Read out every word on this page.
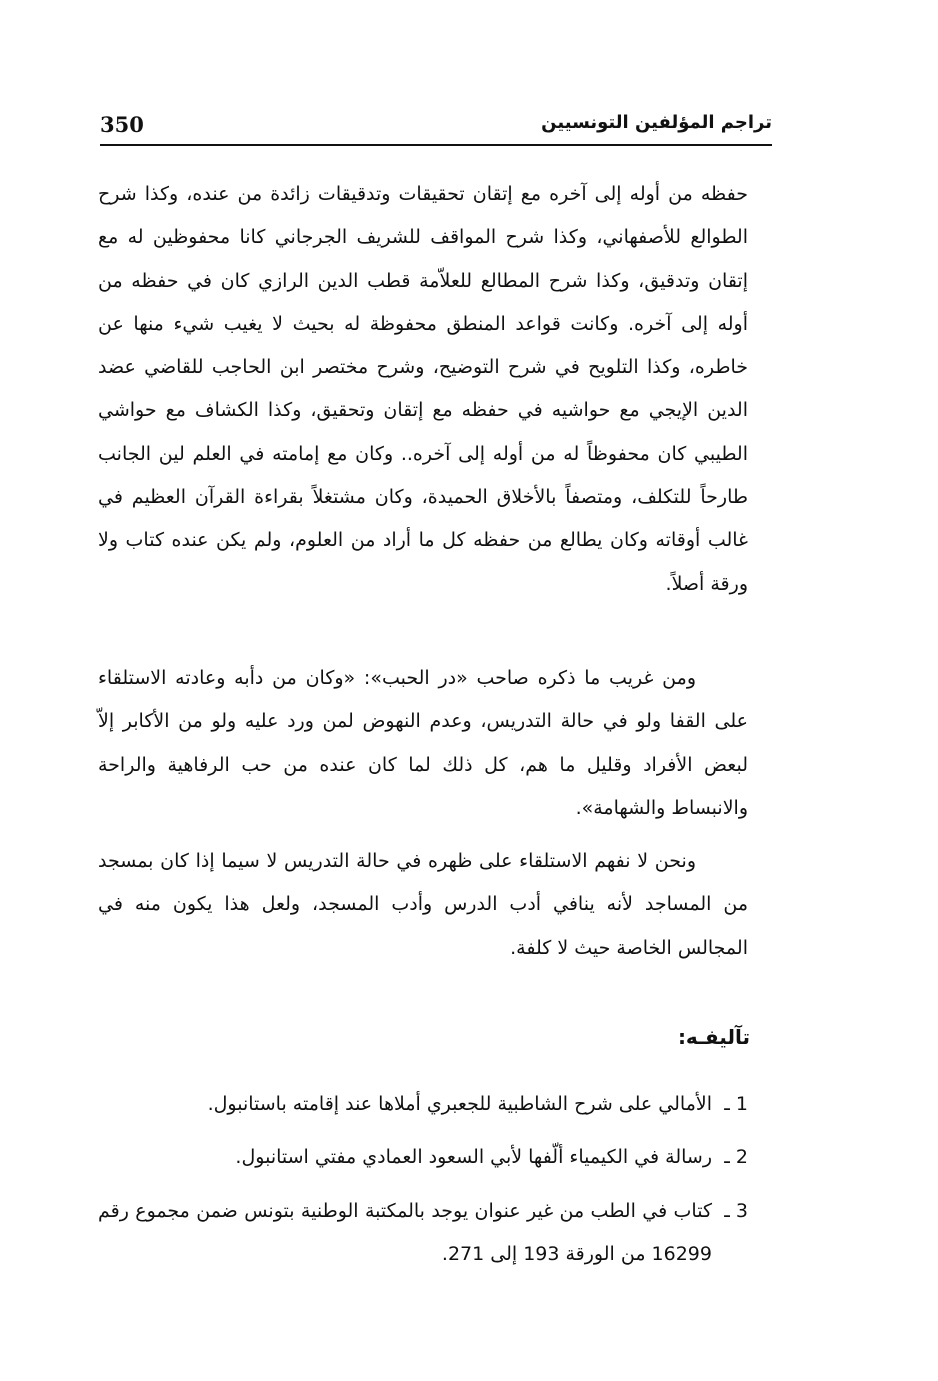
350	تراجم المؤلفين التونسيين

حفظه من أوله إلى آخره مع إتقان تحقيقات وتدقيقات زائدة من عنده، وكذا شرح الطوالع للأصفهاني، وكذا شرح المواقف للشريف الجرجاني كانا محفوظين له مع إتقان وتدقيق، وكذا شرح المطالع للعلاّمة قطب الدين الرازي كان في حفظه من أوله إلى آخره. وكانت قواعد المنطق محفوظة له بحيث لا يغيب شيء منها عن خاطره، وكذا التلويح في شرح التوضيح، وشرح مختصر ابن الحاجب للقاضي عضد الدين الإيجي مع حواشيه في حفظه مع إتقان وتحقيق، وكذا الكشاف مع حواشي الطيبي كان محفوظاً له من أوله إلى آخره.. وكان مع إمامته في العلم لين الجانب طارحاً للتكلف، ومتصفاً بالأخلاق الحميدة، وكان مشتغلاً بقراءة القرآن العظيم في غالب أوقاته وكان يطالع من حفظه كل ما أراد من العلوم، ولم يكن عنده كتاب ولا ورقة أصلاً.

ومن غريب ما ذكره صاحب «در الحبب»: «وكان من دأبه وعادته الاستلقاء على القفا ولو في حالة التدريس، وعدم النهوض لمن ورد عليه ولو من الأكابر إلاّ لبعض الأفراد وقليل ما هم، كل ذلك لما كان عنده من حب الرفاهية والراحة والانبساط والشهامة».

ونحن لا نفهم الاستلقاء على ظهره في حالة التدريس لا سيما إذا كان بمسجد من المساجد لأنه ينافي أدب الدرس وأدب المسجد، ولعل هذا يكون منه في المجالس الخاصة حيث لا كلفة.

تآليفـه:
1 ـ
الأمالي على شرح الشاطبية للجعبري أملاها عند إقامته باستانبول.
2 ـ
رسالة في الكيمياء ألّفها لأبي السعود العمادي مفتي استانبول.
3 ـ
كتاب في الطب من غير عنوان يوجد بالمكتبة الوطنية بتونس ضمن مجموع رقم 16299 من الورقة 193 إلى 271.
